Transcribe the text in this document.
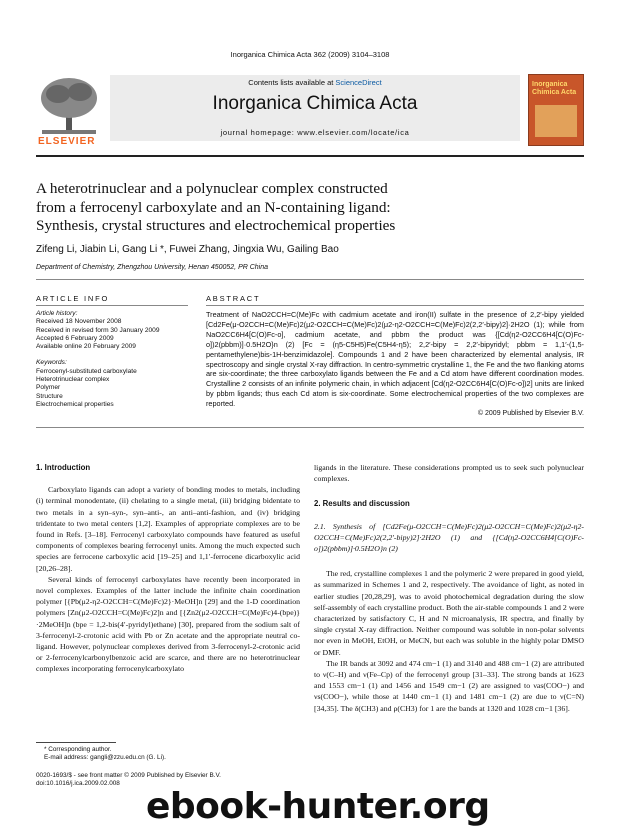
Inorganica Chimica Acta 362 (2009) 3104–3108
ELSEVIER
Contents lists available at ScienceDirect
Inorganica Chimica Acta
journal homepage: www.elsevier.com/locate/ica
Inorganica Chimica Acta
A heterotrinuclear and a polynuclear complex constructed
from a ferrocenyl carboxylate and an N-containing ligand:
Synthesis, crystal structures and electrochemical properties
Zifeng Li, Jiabin Li, Gang Li *, Fuwei Zhang, Jingxia Wu, Gailing Bao
Department of Chemistry, Zhengzhou University, Henan 450052, PR China
ARTICLE INFO
Article history:
Received 18 November 2008
Received in revised form 30 January 2009
Accepted 6 February 2009
Available online 20 February 2009
Keywords:
Ferrocenyl-substituted carboxylate
Heterotrinuclear complex
Polymer
Structure
Electrochemical properties
ABSTRACT
Treatment of NaO2CCH=C(Me)Fc with cadmium acetate and iron(II) sulfate in the presence of 2,2′-bipy yielded [Cd2Fe(μ-O2CCH=C(Me)Fc)2(μ2-O2CCH=C(Me)Fc)2(μ2-η2-O2CCH=C(Me)Fc)2(2,2′-bipy)2]·2H2O (1); while from NaO2CC6H4[C(O)Fc-o], cadmium acetate, and pbbm the product was {[Cd(η2-O2CC6H4[C(O)Fc-o])2(pbbm)]·0.5H2O}n (2) [Fc = (η5-C5H5)Fe(C5H4-η5); 2,2′-bipy = 2,2′-bipyridyl; pbbm = 1,1′-(1,5-pentamethylene)bis-1H-benzimidazole]. Compounds 1 and 2 have been characterized by elemental analysis, IR spectroscopy and single crystal X-ray diffraction. In centro-symmetric crystalline 1, the Fe and the two flanking atoms are six-coordinate; the three carboxylato ligands between the Fe and a Cd atom have different coordination modes. Crystalline 2 consists of an infinite polymeric chain, in which adjacent [Cd(η2-O2CC6H4[C(O)Fc-o])2] units are linked by pbbm ligands; thus each Cd atom is six-coordinate. Some electrochemical properties of the two complexes are reported.
© 2009 Published by Elsevier B.V.
1. Introduction

Carboxylato ligands can adopt a variety of bonding modes to metals, including (i) terminal monodentate, (ii) chelating to a single metal, (iii) bridging bidentate to two metals in a syn–syn-, syn–anti-, an anti–anti-fashion, and (iv) bridging tridentate to two metal centers [1,2]. Examples of appropriate complexes are to be found in Refs. [3–18]. Ferrocenyl carboxylato compounds have featured as useful components of complexes bearing ferrocenyl units. Among the much expected such species are ferrocene carboxylic acid [19–25] and 1,1′-ferrocene dicarboxylic acid [20,26–28].

Several kinds of ferrocenyl carboxylates have recently been incorporated in novel complexes. Examples of the latter include the infinite chain coordination polymer [{Pb(μ2-η2-O2CCH=C(Me)Fc)2}·MeOH]n [29] and the 1-D coordination polymers [Zn(μ2-O2CCH=C(Me)Fc)2]n and [{Zn2(μ2-O2CCH=C(Me)Fc)4-(bpe)}·2MeOH]n (bpe = 1,2-bis(4′-pyridyl)ethane) [30], prepared from the sodium salt of 3-ferrocenyl-2-crotonic acid with Pb or Zn acetate and the appropriate neutral co-ligand. However, polynuclear complexes derived from 3-ferrocenyl-2-crotonic acid or 2-ferrocenylcarbonylbenzoic acid are scarce, and there are no heterotrinuclear complexes incorporating ferrocenylcarboxylato

ligands in the literature. These considerations prompted us to seek such polynuclear complexes.

2. Results and discussion

2.1. Synthesis of [Cd2Fe(μ-O2CCH=C(Me)Fc)2(μ2-O2CCH=C(Me)Fc)2(μ2-η2-O2CCH=C(Me)Fc)2(2,2′-bipy)2]·2H2O (1) and {[Cd(η2-O2CC6H4[C(O)Fc-o])2(pbbm)]·0.5H2O}n (2)

The red, crystalline complexes 1 and the polymeric 2 were prepared in good yield, as summarized in Schemes 1 and 2, respectively. The avoidance of light, as noted in earlier studies [20,28,29], was to avoid photochemical degradation during the slow self-assembly of each crystalline product. Both the air-stable compounds 1 and 2 were characterized by satisfactory C, H and N microanalysis, IR spectra, and finally by single crystal X-ray diffraction. Neither compound was soluble in non-polar solvents nor even in MeOH, EtOH, or MeCN, but each was soluble in the highly polar DMSO or DMF.

The IR bands at 3092 and 474 cm−1 (1) and 3140 and 488 cm−1 (2) are attributed to ν(C–H) and ν(Fe–Cp) of the ferrocenyl group [31–33]. The strong bands at 1623 and 1553 cm−1 (1) and 1456 and 1549 cm−1 (2) are assigned to νas(COO−) and νs(COO−), while those at 1440 cm−1 (1) and 1481 cm−1 (2) are due to ν(C=N) [34,35]. The δ(CH3) and ρ(CH3) for 1 are the bands at 1320 and 1028 cm−1 [36].

* Corresponding author.
E-mail address: gangli@zzu.edu.cn (G. Li).
0020-1693/$ - see front matter © 2009 Published by Elsevier B.V.
doi:10.1016/j.ica.2009.02.008
ebook-hunter.org
